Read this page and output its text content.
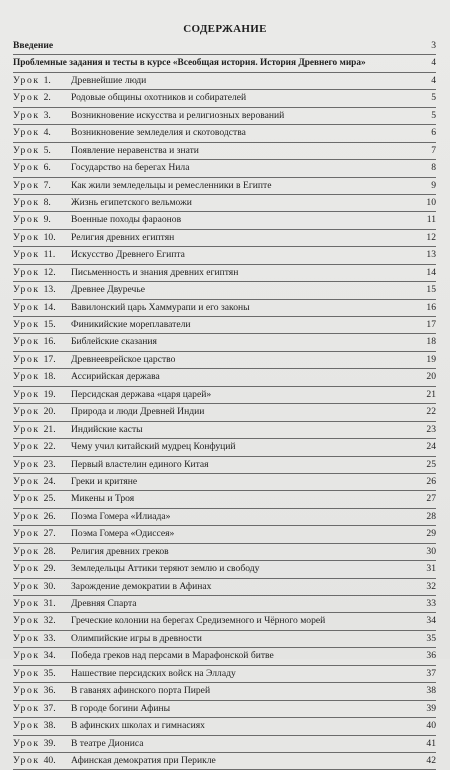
СОДЕРЖАНИЕ
Введение	3
Проблемные задания и тесты в курсе «Всеобщая история. История Древнего мира»	4
Урок 1.	Древнейшие люди	4
Урок 2.	Родовые общины охотников и собирателей	5
Урок 3.	Возникновение искусства и религиозных верований	5
Урок 4.	Возникновение земледелия и скотоводства	6
Урок 5.	Появление неравенства и знати	7
Урок 6.	Государство на берегах Нила	8
Урок 7.	Как жили земледельцы и ремесленники в Египте	9
Урок 8.	Жизнь египетского вельможи	10
Урок 9.	Военные походы фараонов	11
Урок 10.	Религия древних египтян	12
Урок 11.	Искусство Древнего Египта	13
Урок 12.	Письменность и знания древних египтян	14
Урок 13.	Древнее Двуречье	15
Урок 14.	Вавилонский царь Хаммурапи и его законы	16
Урок 15.	Финикийские мореплаватели	17
Урок 16.	Библейские сказания	18
Урок 17.	Древнееврейское царство	19
Урок 18.	Ассирийская держава	20
Урок 19.	Персидская держава «царя царей»	21
Урок 20.	Природа и люди Древней Индии	22
Урок 21.	Индийские касты	23
Урок 22.	Чему учил китайский мудрец Конфуций	24
Урок 23.	Первый властелин единого Китая	25
Урок 24.	Греки и критяне	26
Урок 25.	Микены и Троя	27
Урок 26.	Поэма Гомера «Илиада»	28
Урок 27.	Поэма Гомера «Одиссея»	29
Урок 28.	Религия древних греков	30
Урок 29.	Земледельцы Аттики теряют землю и свободу	31
Урок 30.	Зарождение демократии в Афинах	32
Урок 31.	Древняя Спарта	33
Урок 32.	Греческие колонии на берегах Средиземного и Чёрного морей	34
Урок 33.	Олимпийские игры в древности	35
Урок 34.	Победа греков над персами в Марафонской битве	36
Урок 35.	Нашествие персидских войск на Элладу	37
Урок 36.	В гаванях афинского порта Пирей	38
Урок 37.	В городе богини Афины	39
Урок 38.	В афинских школах и гимнасиях	40
Урок 39.	В театре Диониса	41
Урок 40.	Афинская демократия при Перикле	42
